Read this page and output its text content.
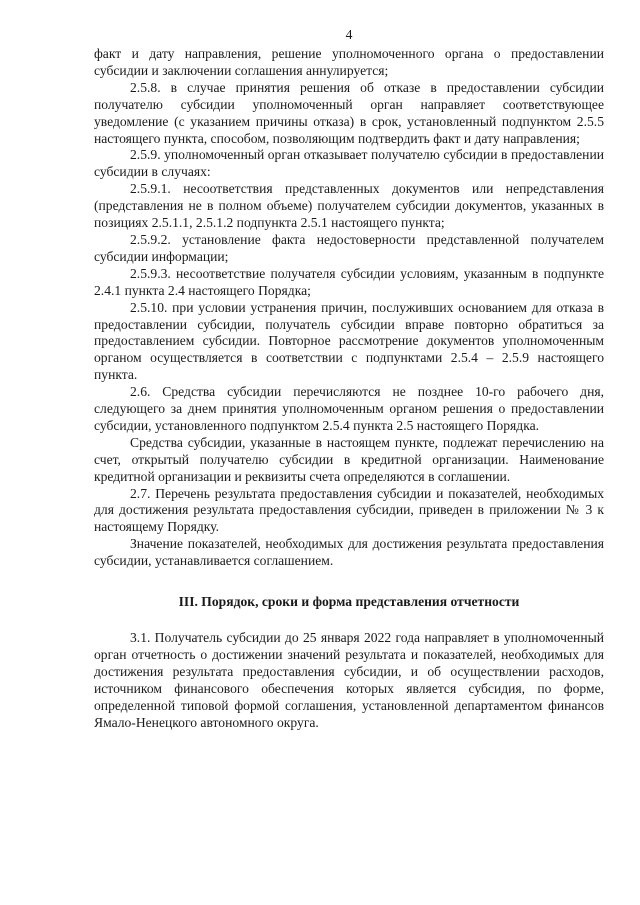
4

факт и дату направления, решение уполномоченного органа о предоставлении субсидии и заключении соглашения аннулируется;

2.5.8. в случае принятия решения об отказе в предоставлении субсидии получателю субсидии уполномоченный орган направляет соответствующее уведомление (с указанием причины отказа) в срок, установленный подпунктом 2.5.5 настоящего пункта, способом, позволяющим подтвердить факт и дату направления;

2.5.9. уполномоченный орган отказывает получателю субсидии в предоставлении субсидии в случаях:

2.5.9.1. несоответствия представленных документов или непредставления (представления не в полном объеме) получателем субсидии документов, указанных в позициях 2.5.1.1, 2.5.1.2 подпункта 2.5.1 настоящего пункта;

2.5.9.2. установление факта недостоверности представленной получателем субсидии информации;

2.5.9.3. несоответствие получателя субсидии условиям, указанным в подпункте 2.4.1 пункта 2.4 настоящего Порядка;

2.5.10. при условии устранения причин, послуживших основанием для отказа в предоставлении субсидии, получатель субсидии вправе повторно обратиться за предоставлением субсидии. Повторное рассмотрение документов уполномоченным органом осуществляется в соответствии с подпунктами 2.5.4 – 2.5.9 настоящего пункта.

2.6. Средства субсидии перечисляются не позднее 10-го рабочего дня, следующего за днем принятия уполномоченным органом решения о предоставлении субсидии, установленного подпунктом 2.5.4 пункта 2.5 настоящего Порядка.

Средства субсидии, указанные в настоящем пункте, подлежат перечислению на счет, открытый получателю субсидии в кредитной организации. Наименование кредитной организации и реквизиты счета определяются в соглашении.

2.7. Перечень результата предоставления субсидии и показателей, необходимых для достижения результата предоставления субсидии, приведен в приложении № 3 к настоящему Порядку.

Значение показателей, необходимых для достижения результата предоставления субсидии, устанавливается соглашением.

III. Порядок, сроки и форма представления отчетности

3.1. Получатель субсидии до 25 января 2022 года направляет в уполномоченный орган отчетность о достижении значений результата и показателей, необходимых для достижения результата предоставления субсидии, и об осуществлении расходов, источником финансового обеспечения которых является субсидия, по форме, определенной типовой формой соглашения, установленной департаментом финансов Ямало-Ненецкого автономного округа.
